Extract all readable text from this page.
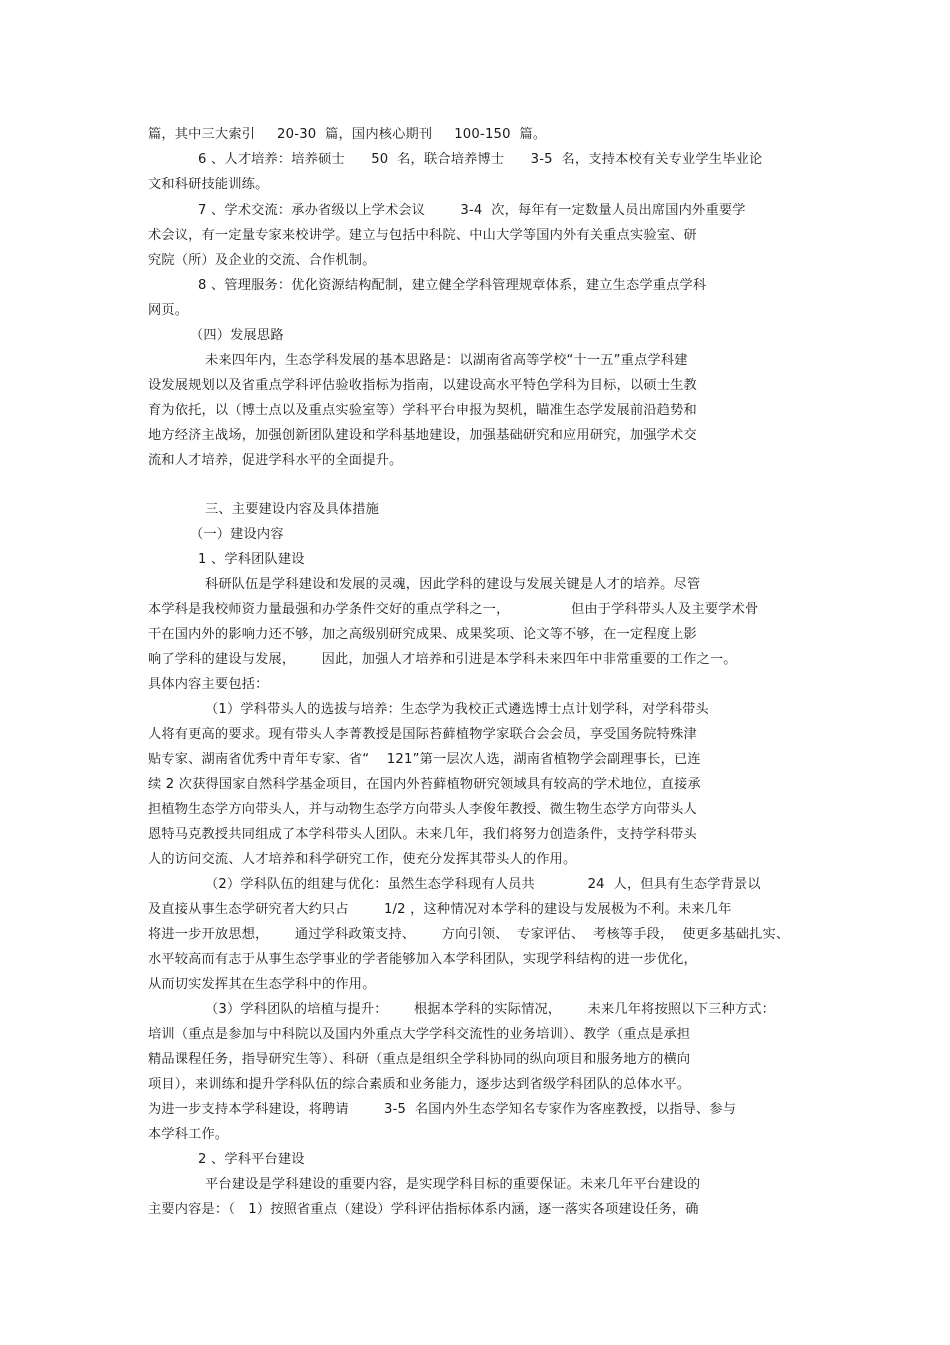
篇，其中三大索引     20-30  篇，国内核心期刊     100-150  篇。
6 、人才培养：培养硕士      50  名，联合培养博士      3-5  名，支持本校有关专业学生毕业论
文和科研技能训练。
7 、学术交流：承办省级以上学术会议        3-4  次，每年有一定数量人员出席国内外重要学
术会议，有一定量专家来校讲学。建立与包括中科院、中山大学等国内外有关重点实验室、研
究院（所）及企业的交流、合作机制。
8 、管理服务：优化资源结构配制，建立健全学科管理规章体系，建立生态学重点学科
网页。
（四）发展思路
未来四年内，生态学科发展的基本思路是：以湖南省高等学校“十一五”重点学科建
设发展规划以及省重点学科评估验收指标为指南，以建设高水平特色学科为目标，以硕士生教
育为依托，以（博士点以及重点实验室等）学科平台申报为契机，瞄准生态学发展前沿趋势和
地方经济主战场，加强创新团队建设和学科基地建设，加强基础研究和应用研究，加强学术交
流和人才培养，促进学科水平的全面提升。
三、主要建设内容及具体措施
（一）建设内容
1 、学科团队建设
科研队伍是学科建设和发展的灵魂，因此学科的建设与发展关键是人才的培养。尽管
本学科是我校师资力量最强和办学条件交好的重点学科之一，              但由于学科带头人及主要学术骨
干在国内外的影响力还不够，加之高级别研究成果、成果奖项、论文等不够，在一定程度上影
响了学科的建设与发展，      因此，加强人才培养和引进是本学科未来四年中非常重要的工作之一。
具体内容主要包括：
（1）学科带头人的选拔与培养：生态学为我校正式遴选博士点计划学科，对学科带头
人将有更高的要求。现有带头人李菁教授是国际苔藓植物学家联合会会员，享受国务院特殊津
贴专家、湖南省优秀中青年专家、省“    121”第一层次人选，湖南省植物学会副理事长，已连
续 2 次获得国家自然科学基金项目，在国内外苔藓植物研究领域具有较高的学术地位，直接承
担植物生态学方向带头人，并与动物生态学方向带头人李俊年教授、微生物生态学方向带头人
恩特马克教授共同组成了本学科带头人团队。未来几年，我们将努力创造条件，支持学科带头
人的访问交流、人才培养和科学研究工作，使充分发挥其带头人的作用。
（2）学科队伍的组建与优化：虽然生态学科现有人员共            24  人，但具有生态学背景以
及直接从事生态学研究者大约只占        1/2 ，这种情况对本学科的建设与发展极为不利。未来几年
将进一步开放思想，      通过学科政策支持、      方向引领、  专家评估、  考核等手段，  使更多基础扎实、
水平较高而有志于从事生态学事业的学者能够加入本学科团队，实现学科结构的进一步优化，
从而切实发挥其在生态学科中的作用。
（3）学科团队的培植与提升：      根据本学科的实际情况，      未来几年将按照以下三种方式：
培训（重点是参加与中科院以及国内外重点大学学科交流性的业务培训）、教学（重点是承担
精品课程任务，指导研究生等）、科研（重点是组织全学科协同的纵向项目和服务地方的横向
项目），来训练和提升学科队伍的综合素质和业务能力，逐步达到省级学科团队的总体水平。
为进一步支持本学科建设，将聘请        3-5  名国内外生态学知名专家作为客座教授，以指导、参与
本学科工作。
2 、学科平台建设
平台建设是学科建设的重要内容，是实现学科目标的重要保证。未来几年平台建设的
主要内容是：（   1）按照省重点（建设）学科评估指标体系内涵，逐一落实各项建设任务，确
